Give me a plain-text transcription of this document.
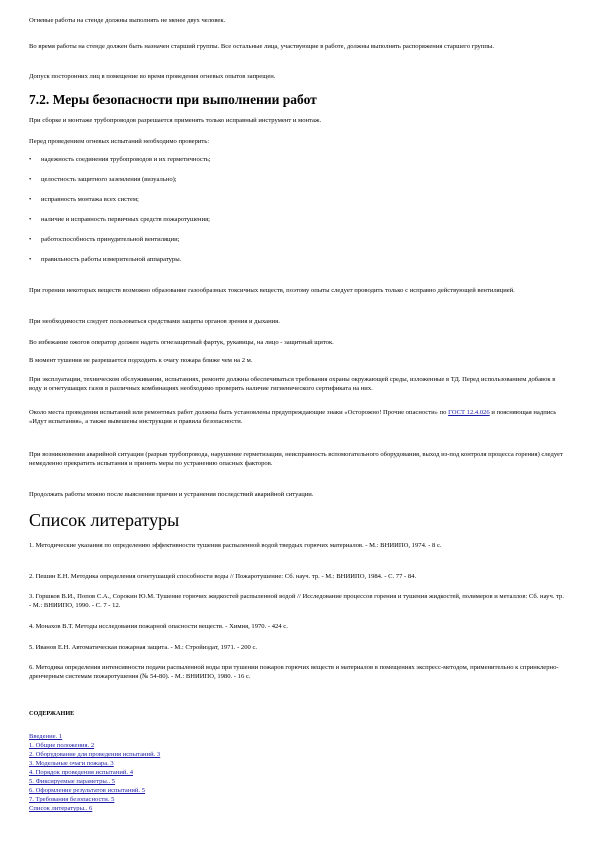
Огневые работы на стенде должны выполнять не менее двух человек.

Во время работы на стенде должен быть назначен старший группы. Все остальные лица, участвующие в работе, должны выполнять распоряжения старшего группы.

Допуск посторонних лиц в помещение во время проведения огневых опытов запрещен.

7.2. Меры безопасности при выполнении работ

При сборке и монтаже трубопроводов разрешается применять только исправный инструмент и монтаж.

Перед проведением огневых испытаний необходимо проверить:

• надежность соединения трубопроводов и их герметичность;
• целостность защитного заземления (визуально);
• исправность монтажа всех систем;
• наличие и исправность первичных средств пожаротушения;
• работоспособность принудительной вентиляции;
• правильность работы измерительной аппаратуры.

При горении некоторых веществ возможно образование газообразных токсичных веществ, поэтому опыты следует проводить только с исправно действующей вентиляцией.

При необходимости следует пользоваться средствами защиты органов зрения и дыхания.

Во избежание ожогов оператор должен надеть огнезащитный фартук, рукавицы, на лицо - защитный щиток.

В момент тушения не разрешается подходить к очагу пожара ближе чем на 2 м.

При эксплуатации, техническом обслуживании, испытаниях, ремонте должны обеспечиваться требования охраны окружающей среды, изложенные в ТД. Перед использованием добавок в воду и огнетушащих газов в различных комбинациях необходимо проверить наличие гигиенического сертификата на них.

Около места проведения испытаний или ремонтных работ должны быть установлены предупреждающие знаки «Осторожно! Прочие опасности» по ГОСТ 12.4.026 и поясняющая надпись «Идут испытания», а также вывешены инструкция и правила безопасности.

При возникновении аварийной ситуации (разрыв трубопровода, нарушение герметизации, неисправность вспомогательного оборудования, выход из-под контроля процесса горения) следует немедленно прекратить испытания и принять меры по устранению опасных факторов.

Продолжать работы можно после выяснения причин и устранения последствий аварийной ситуации.

Список литературы

1. Методические указания по определению эффективности тушения распыленной водой твердых горючих материалов. - М.: ВНИИПО, 1974. - 8 с.

2. Пешин Е.Н. Методика определения огнетушащей способности воды // Пожаротушение: Сб. науч. тр. - М.: ВНИИПО, 1984. - С. 77 - 84.

3. Горшков В.И., Попов С.А., Сорокин Ю.М. Тушение горючих жидкостей распыленной водой // Исследование процессов горения и тушения жидкостей, полимеров и металлов: Сб. науч. тр. - М.: ВНИИПО, 1990. - С. 7 - 12.

4. Монахов В.Т. Методы исследования пожарной опасности веществ. - Химия, 1970. - 424 с.

5. Иванов Е.Н. Автоматическая пожарная защита. - М.: Стройиздат, 1971. - 200 с.

6. Методика определения интенсивности подачи распыленной воды при тушении пожаров горючих веществ и материалов в помещениях экспресс-методом, применительно к спринклерно-дренчерным системам пожаротушения (№ 54-80). - М.: ВНИИПО, 1980. - 16 с.

СОДЕРЖАНИЕ
Введение. 1
1. Общие положения. 2
2. Оборудование для проведения испытаний. 3
3. Модельные очаги пожара. 3
4. Порядок проведения испытаний. 4
5. Фиксируемые параметры.. 5
6. Оформление результатов испытаний. 5
7. Требования безопасности. 5
Список литературы.. 6
